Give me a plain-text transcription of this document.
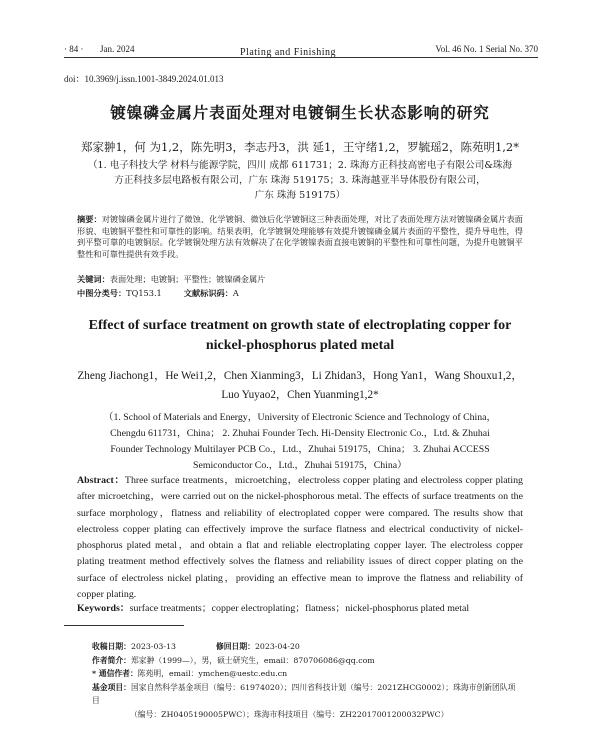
· 84 · Jan. 2024	Plating and Finishing	Vol. 46 No. 1 Serial No. 370
doi：10.3969/j.issn.1001-3849.2024.01.013
镀镍磷金属片表面处理对电镀铜生长状态影响的研究
郑家翀1，何 为1,2，陈先明3，李志丹3，洪 延1，王守绪1,2，罗毓瑶2，陈苑明1,2*
（1. 电子科技大学 材料与能源学院，四川 成都 611731；2. 珠海方正科技高密电子有限公司&珠海
方正科技多层电路板有限公司，广东 珠海 519175；3. 珠海越亚半导体股份有限公司，
广东 珠海 519175）
摘要：对镀镍磷金属片进行了微蚀、化学镀铜、微蚀后化学镀铜这三种表面处理，对比了表面处理方法对镀镍磷金属片表面形貌、电镀铜平整性和可靠性的影响。结果表明，化学镀铜处理能够有效提升镀镍磷金属片表面的平整性，提升导电性，得到平整可靠的电镀铜层。化学镀铜处理方法有效解决了在化学镀镍表面直接电镀铜的平整性和可靠性问题，为提升电镀铜平整性和可靠性提供有效手段。
关键词：表面处理；电镀铜；平整性；镀镍磷金属片
中图分类号：TQ153.1	文献标识码：A
Effect of surface treatment on growth state of electroplating copper for
nickel-phosphorus plated metal
Zheng Jiachong1，He Wei1,2，Chen Xianming3，Li Zhidan3，Hong Yan1，Wang Shouxu1,2，
Luo Yuyao2，Chen Yuanming1,2*
（1. School of Materials and Energy，University of Electronic Science and Technology of China，
Chengdu 611731，China； 2. Zhuhai Founder Tech. Hi-Density Electronic Co.，Ltd. & Zhuhai
Founder Technology Multilayer PCB Co.，Ltd.，Zhuhai 519175，China； 3. Zhuhai ACCESS
Semiconductor Co.，Ltd.，Zhuhai 519175，China）
Abstract：Three surface treatments，microetching，electroless copper plating and electroless copper plating after microetching，were carried out on the nickel-phosphorous metal. The effects of surface treatments on the surface morphology，flatness and reliability of electroplated copper were compared. The results show that electroless copper plating can effectively improve the surface flatness and electrical conductivity of nickel-phosphorus plated metal，and obtain a flat and reliable electroplating copper layer. The electroless copper plating treatment method effectively solves the flatness and reliability issues of direct copper plating on the surface of electroless nickel plating，providing an effective mean to improve the flatness and reliability of copper plating.
Keywords：surface treatments；copper electroplating；flatness；nickel-phosphorus plated metal
收稿日期：2023-03-13	修回日期：2023-04-20
作者简介：郑家翀（1999—），男，硕士研究生，email：870706086@qq.com
* 通信作者：陈苑明，email：ymchen@uestc.edu.cn
基金项目：国家自然科学基金项目（编号：61974020）；四川省科技计划（编号：2021ZHCG0002）；珠海市创新团队项目
（编号：ZH0405190005PWC）；珠海市科技项目（编号：ZH22017001200032PWC）
